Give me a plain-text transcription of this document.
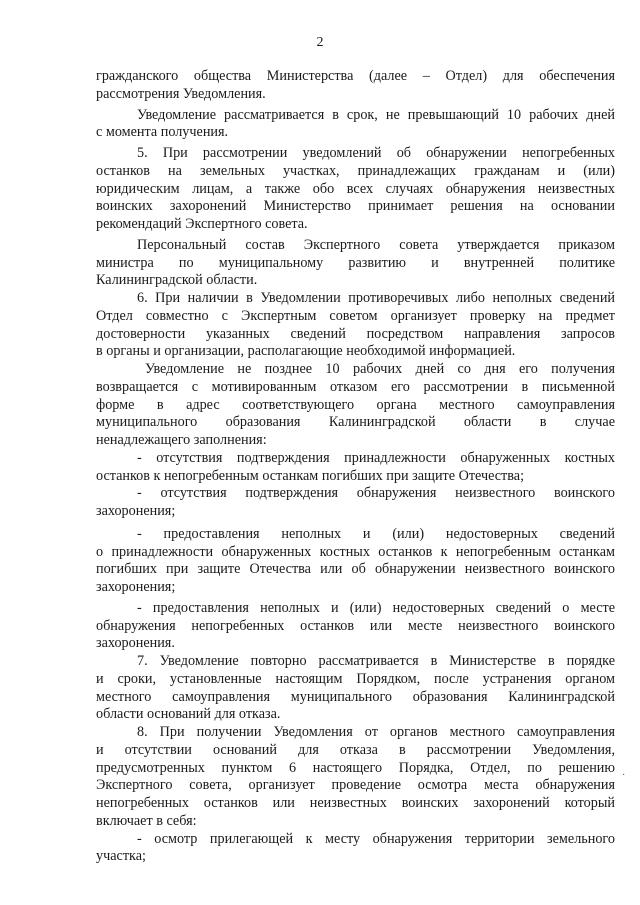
2
гражданского общества Министерства (далее – Отдел) для обеспечения
рассмотрения Уведомления.
Уведомление рассматривается в срок, не превышающий 10 рабочих дней
с момента получения.
5. При рассмотрении уведомлений об обнаружении непогребенных
останков на земельных участках, принадлежащих гражданам и (или)
юридическим лицам, а также обо всех случаях обнаружения неизвестных
воинских захоронений Министерство принимает решения на основании
рекомендаций Экспертного совета.
Персональный состав Экспертного совета утверждается приказом
министра по муниципальному развитию и внутренней политике
Калининградской области.
6. При наличии в Уведомлении противоречивых либо неполных сведений
Отдел совместно с Экспертным советом организует проверку на предмет
достоверности указанных сведений посредством направления запросов
в органы и организации, располагающие необходимой информацией.
Уведомление не позднее 10 рабочих дней со дня его получения
возвращается с мотивированным отказом его рассмотрении в письменной
форме в адрес соответствующего органа местного самоуправления
муниципального образования Калининградской области в случае
ненадлежащего заполнения:
- отсутствия подтверждения принадлежности обнаруженных костных
останков к непогребенным останкам погибших при защите Отечества;
- отсутствия подтверждения обнаружения неизвестного воинского
захоронения;
- предоставления неполных и (или) недостоверных сведений
о принадлежности обнаруженных костных останков к непогребенным останкам
погибших при защите Отечества или об обнаружении неизвестного воинского
захоронения;
- предоставления неполных и (или) недостоверных сведений о месте
обнаружения непогребенных останков или месте неизвестного воинского
захоронения.
7. Уведомление повторно рассматривается в Министерстве в порядке
и сроки, установленные настоящим Порядком, после устранения органом
местного самоуправления муниципального образования Калининградской
области оснований для отказа.
8. При получении Уведомления от органов местного самоуправления
и отсутствии оснований для отказа в рассмотрении Уведомления,
предусмотренных пунктом 6 настоящего Порядка, Отдел, по решению
Экспертного совета, организует проведение осмотра места обнаружения
непогребенных останков или неизвестных воинских захоронений который
включает в себя:
- осмотр прилегающей к месту обнаружения территории земельного
участка;
·
